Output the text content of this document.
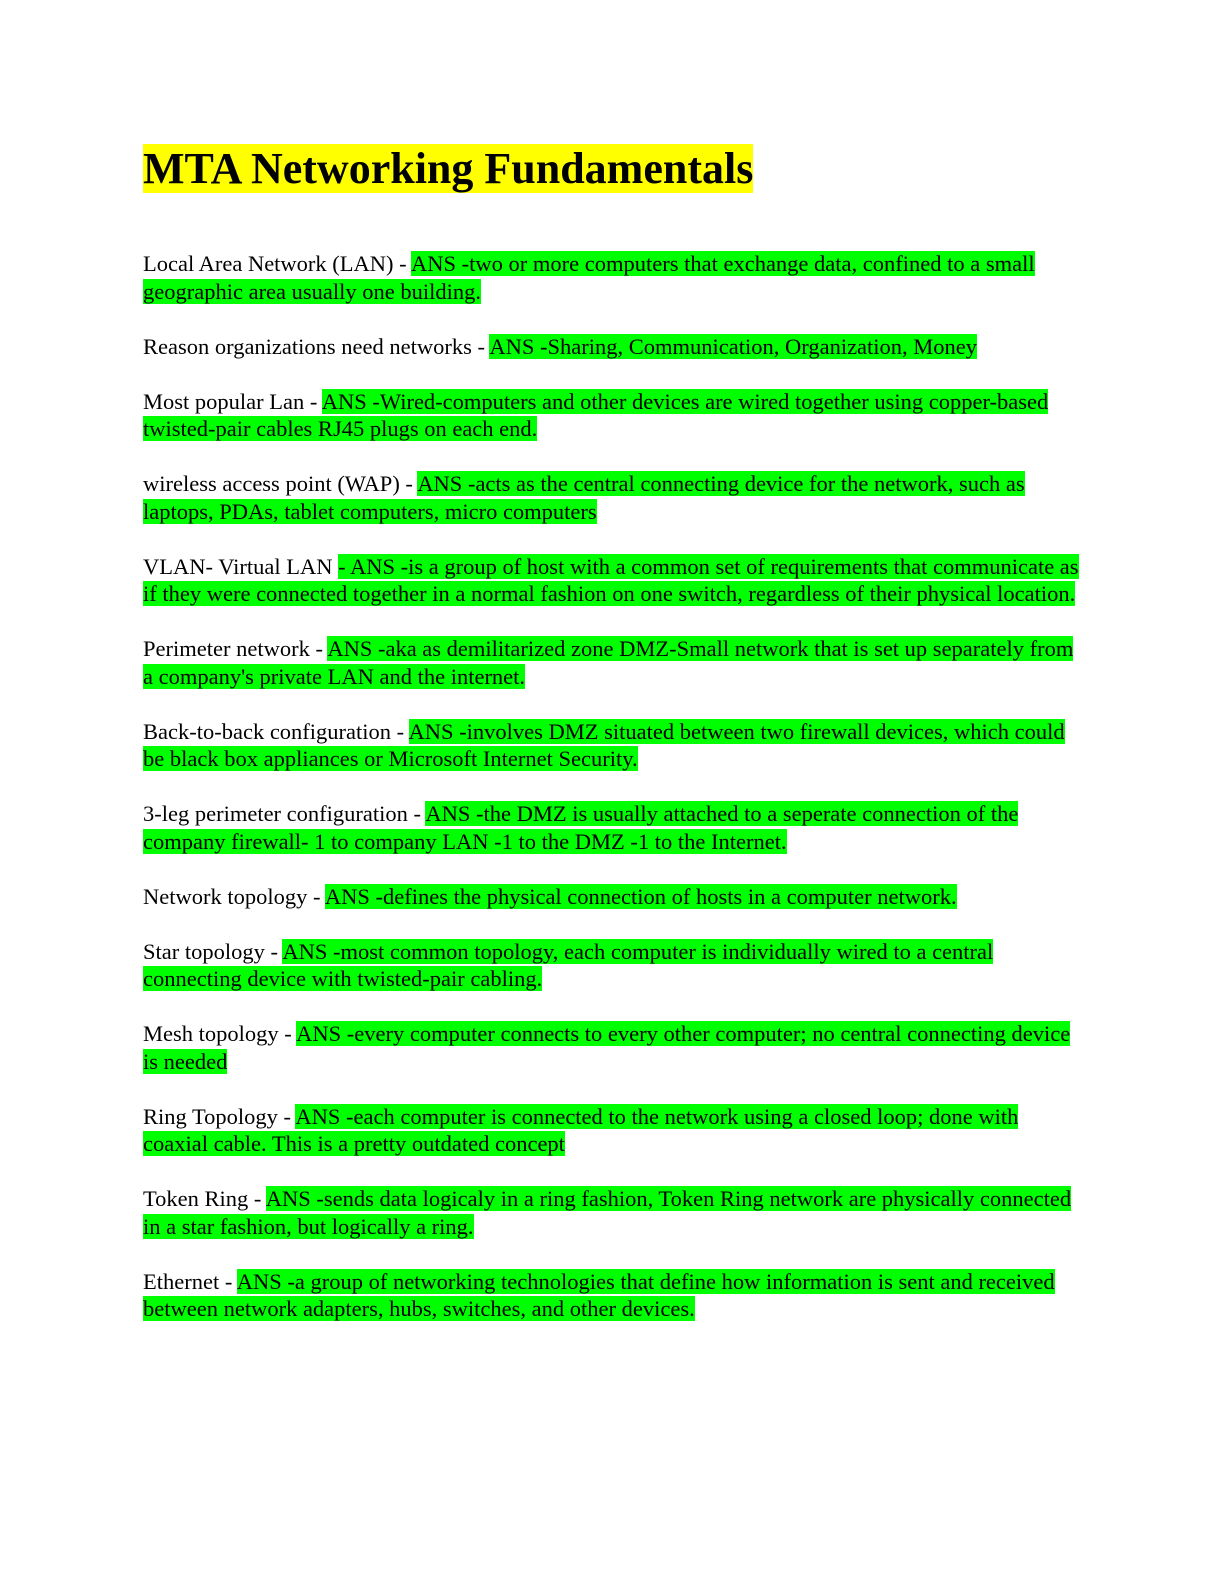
MTA Networking Fundamentals

Local Area Network (LAN) - ANS -two or more computers that exchange data, confined to a small geographic area usually one building.

Reason organizations need networks - ANS -Sharing, Communication, Organization, Money

Most popular Lan - ANS -Wired-computers and other devices are wired together using copper-based twisted-pair cables RJ45 plugs on each end.

wireless access point (WAP) - ANS -acts as the central connecting device for the network, such as laptops, PDAs, tablet computers, micro computers

VLAN- Virtual LAN - ANS -is a group of host with a common set of requirements that communicate as if they were connected together in a normal fashion on one switch, regardless of their physical location.

Perimeter network - ANS -aka as demilitarized zone DMZ-Small network that is set up separately from a company's private LAN and the internet.

Back-to-back configuration - ANS -involves DMZ situated between two firewall devices, which could be black box appliances or Microsoft Internet Security.

3-leg perimeter configuration - ANS -the DMZ is usually attached to a seperate connection of the company firewall- 1 to company LAN -1 to the DMZ -1 to the Internet.

Network topology - ANS -defines the physical connection of hosts in a computer network.

Star topology - ANS -most common topology, each computer is individually wired to a central connecting device with twisted-pair cabling.

Mesh topology - ANS -every computer connects to every other computer; no central connecting device is needed

Ring Topology - ANS -each computer is connected to the network using a closed loop; done with coaxial cable. This is a pretty outdated concept

Token Ring - ANS -sends data logicaly in a ring fashion, Token Ring network are physically connected in a star fashion, but logically a ring.

Ethernet - ANS -a group of networking technologies that define how information is sent and received between network adapters, hubs, switches, and other devices.
